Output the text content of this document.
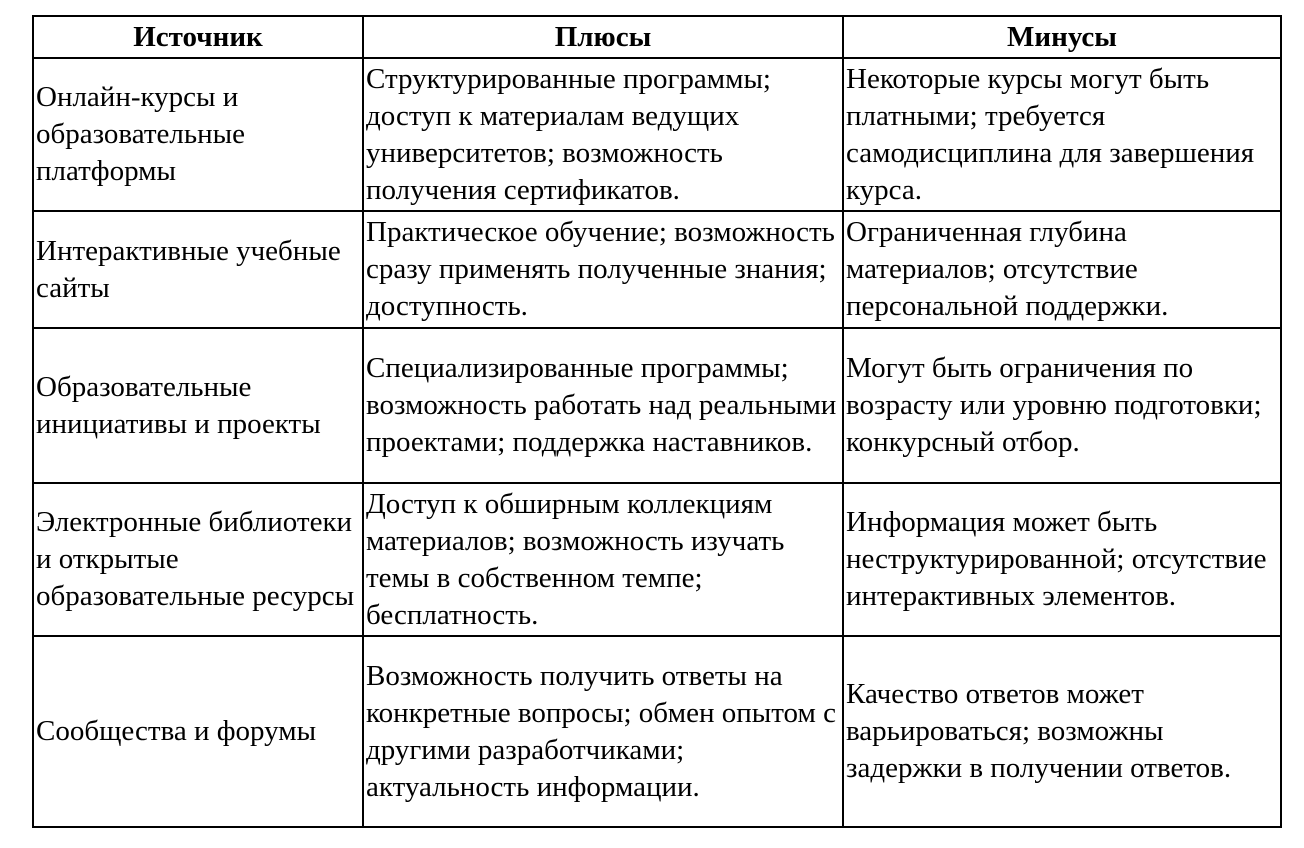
Источник	Плюсы	Минусы
Онлайн-курсы и образовательные платформы	Структурированные программы; доступ к материалам ведущих университетов; возможность получения сертификатов.	Некоторые курсы могут быть платными; требуется самодисциплина для завершения курса.
Интерактивные учебные сайты	Практическое обучение; возможность сразу применять полученные знания; доступность.	Ограниченная глубина материалов; отсутствие персональной поддержки.
Образовательные инициативы и проекты	Специализированные программы; возможность работать над реальными проектами; поддержка наставников.	Могут быть ограничения по возрасту или уровню подготовки; конкурсный отбор.
Электронные библиотеки и открытые образовательные ресурсы	Доступ к обширным коллекциям материалов; возможность изучать темы в собственном темпе; бесплатность.	Информация может быть неструктурированной; отсутствие интерактивных элементов.
Сообщества и форумы	Возможность получить ответы на конкретные вопросы; обмен опытом с другими разработчиками; актуальность информации.	Качество ответов может варьироваться; возможны задержки в получении ответов.
